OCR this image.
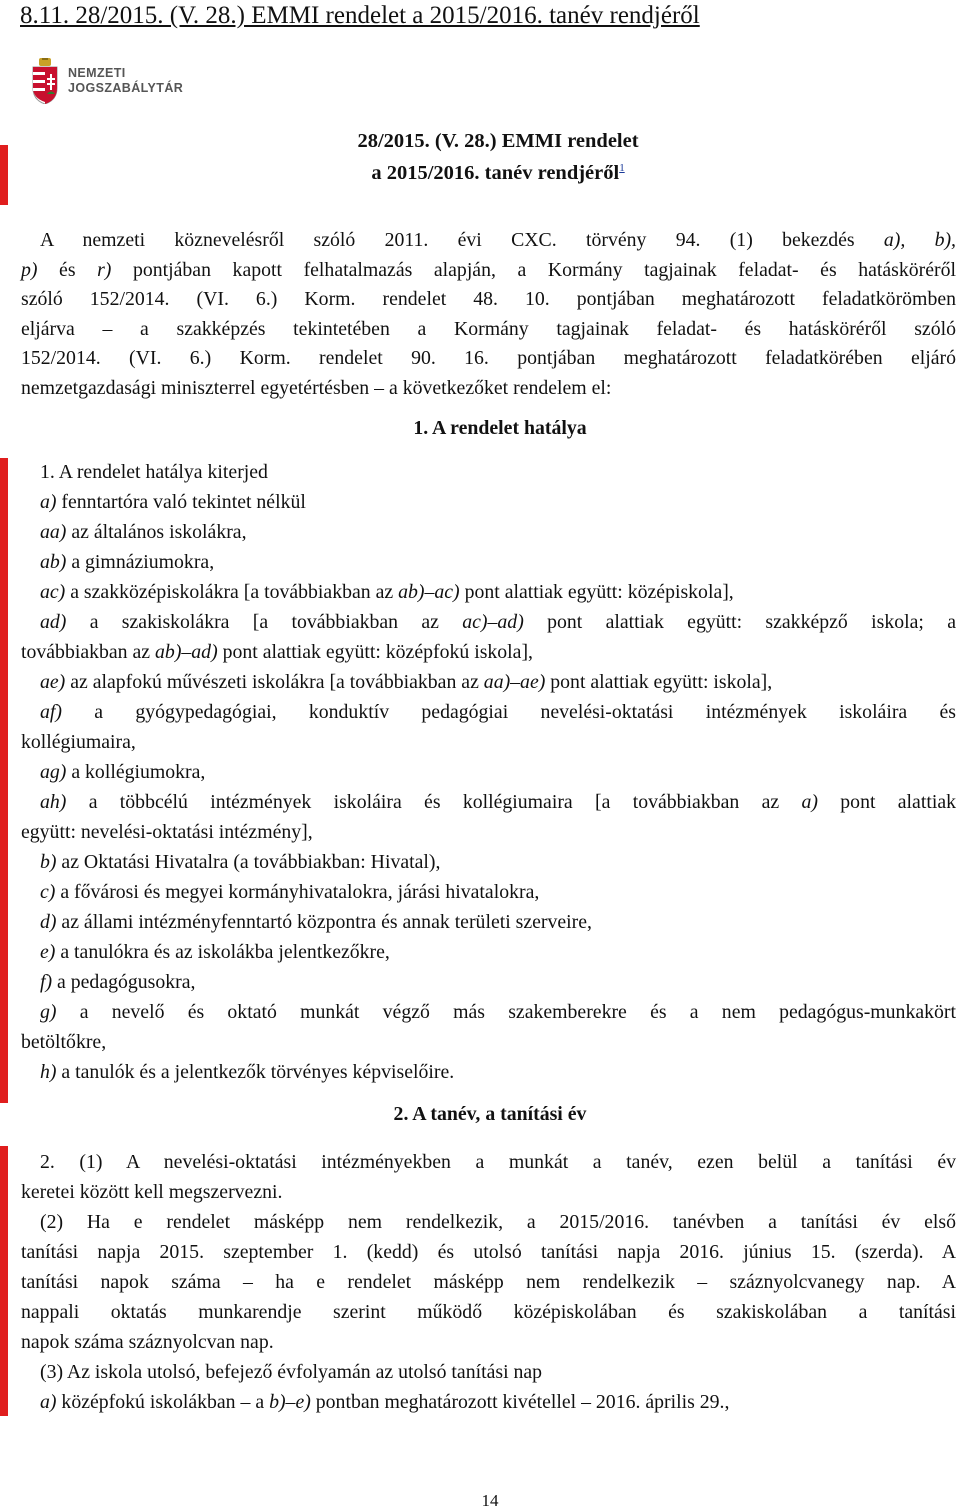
8.11. 28/2015. (V. 28.) EMMI rendelet a 2015/2016. tanév rendjéről
NEMZETI
JOGSZABÁLYTÁR
28/2015. (V. 28.) EMMI rendelet
a 2015/2016. tanév rendjéről$^1$
A nemzeti köznevelésről szóló 2011. évi CXC. törvény 94. (1) bekezdés a), b),
p) és r) pontjában kapott felhatalmazás alapján, a Kormány tagjainak feladat- és hatásköréről
szóló 152/2014. (VI. 6.) Korm. rendelet 48. 10. pontjában meghatározott feladatkörömben
eljárva – a szakképzés tekintetében a Kormány tagjainak feladat- és hatásköréről szóló
152/2014. (VI. 6.) Korm. rendelet 90. 16. pontjában meghatározott feladatkörében eljáró
nemzetgazdasági miniszterrel egyetértésben – a következőket rendelem el:
1. A rendelet hatálya
1. A rendelet hatálya kiterjed
a) fenntartóra való tekintet nélkül
aa) az általános iskolákra,
ab) a gimnáziumokra,
ac) a szakközépiskolákra [a továbbiakban az ab)–ac) pont alattiak együtt: középiskola],
ad) a szakiskolákra [a továbbiakban az ac)–ad) pont alattiak együtt: szakképző iskola; a
továbbiakban az ab)–ad) pont alattiak együtt: középfokú iskola],
ae) az alapfokú művészeti iskolákra [a továbbiakban az aa)–ae) pont alattiak együtt: iskola],
af) a gyógypedagógiai, konduktív pedagógiai nevelési-oktatási intézmények iskoláira és
kollégiumaira,
ag) a kollégiumokra,
ah) a többcélú intézmények iskoláira és kollégiumaira [a továbbiakban az a) pont alattiak
együtt: nevelési-oktatási intézmény],
b) az Oktatási Hivatalra (a továbbiakban: Hivatal),
c) a fővárosi és megyei kormányhivatalokra, járási hivatalokra,
d) az állami intézményfenntartó központra és annak területi szerveire,
e) a tanulókra és az iskolákba jelentkezőkre,
f) a pedagógusokra,
g) a nevelő és oktató munkát végző más szakemberekre és a nem pedagógus-munkakört
betöltőkre,
h) a tanulók és a jelentkezők törvényes képviselőire.
2. A tanév, a tanítási év
2. (1) A nevelési-oktatási intézményekben a munkát a tanév, ezen belül a tanítási év
keretei között kell megszervezni.
(2) Ha e rendelet másképp nem rendelkezik, a 2015/2016. tanévben a tanítási év első
tanítási napja 2015. szeptember 1. (kedd) és utolsó tanítási napja 2016. június 15. (szerda). A
tanítási napok száma – ha e rendelet másképp nem rendelkezik – száznyolcvanegy nap. A
nappali oktatás munkarendje szerint működő középiskolában és szakiskolában a tanítási
napok száma száznyolcvan nap.
(3) Az iskola utolsó, befejező évfolyamán az utolsó tanítási nap
a) középfokú iskolákban – a b)–e) pontban meghatározott kivétellel – 2016. április 29.,
14
